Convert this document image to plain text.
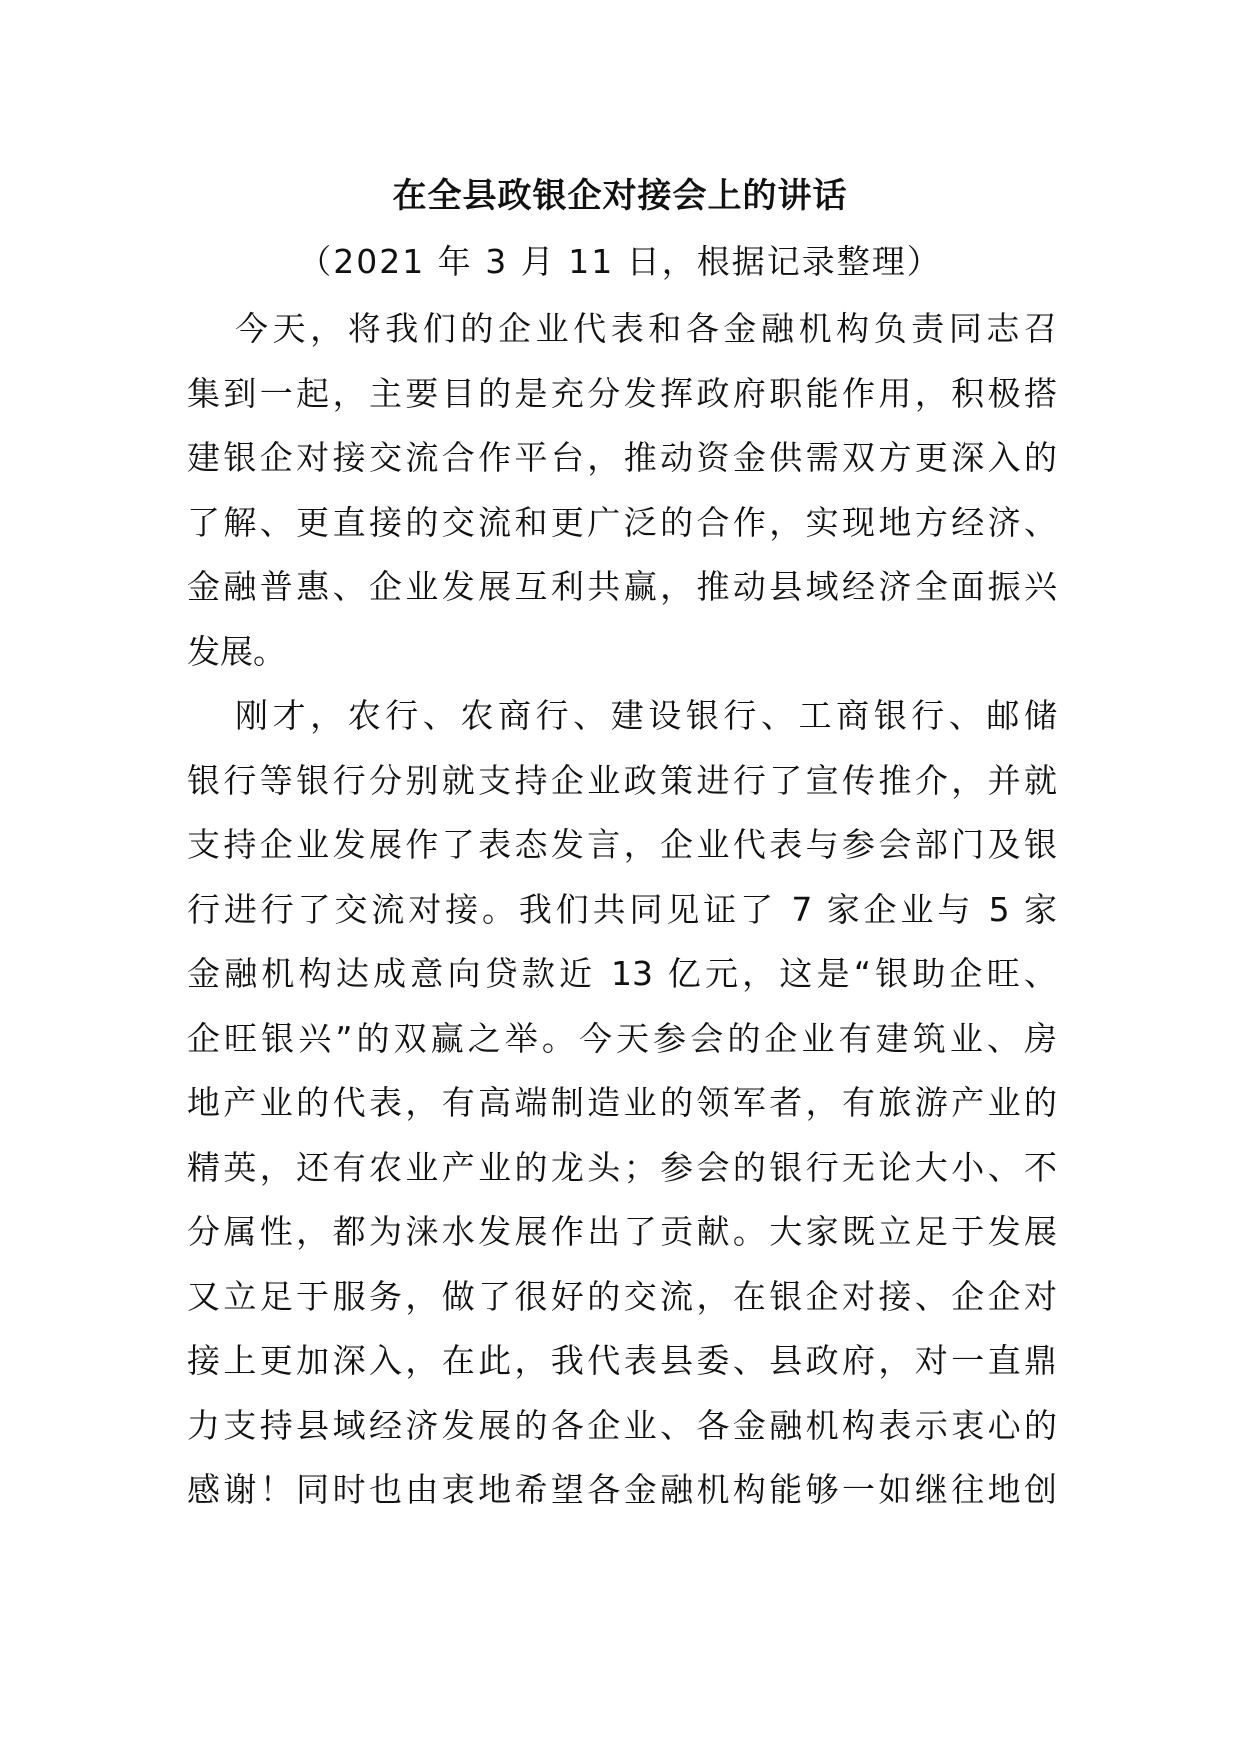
在全县政银企对接会上的讲话
（2021 年 3 月 11 日，根据记录整理）
今天，将我们的企业代表和各金融机构负责同志召
集到一起，主要目的是充分发挥政府职能作用，积极搭
建银企对接交流合作平台，推动资金供需双方更深入的
了解、更直接的交流和更广泛的合作，实现地方经济、
金融普惠、企业发展互利共赢，推动县域经济全面振兴
发展。
刚才，农行、农商行、建设银行、工商银行、邮储
银行等银行分别就支持企业政策进行了宣传推介，并就
支持企业发展作了表态发言，企业代表与参会部门及银
行进行了交流对接。我们共同见证了 7 家企业与 5 家
金融机构达成意向贷款近 13 亿元，这是“银助企旺、
企旺银兴”的双赢之举。今天参会的企业有建筑业、房
地产业的代表，有高端制造业的领军者，有旅游产业的
精英，还有农业产业的龙头；参会的银行无论大小、不
分属性，都为涞水发展作出了贡献。大家既立足于发展
又立足于服务，做了很好的交流，在银企对接、企企对
接上更加深入，在此，我代表县委、县政府，对一直鼎
力支持县域经济发展的各企业、各金融机构表示衷心的
感谢！同时也由衷地希望各金融机构能够一如继往地创
